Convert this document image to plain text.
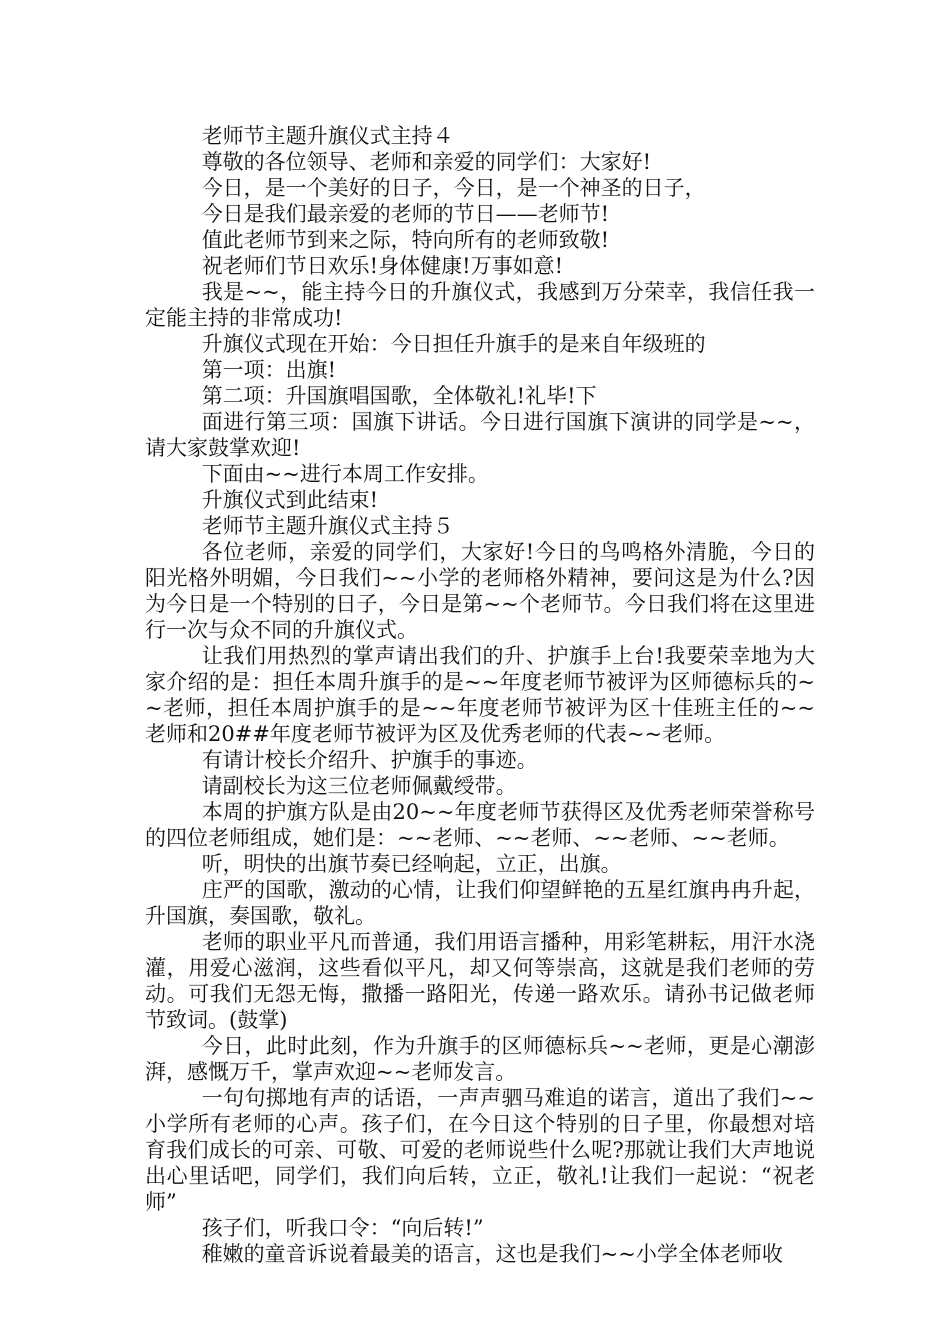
老师节主题升旗仪式主持４

尊敬的各位领导、老师和亲爱的同学们：大家好!

今日，是一个美好的日子，今日，是一个神圣的日子，

今日是我们最亲爱的老师的节日——老师节!

值此老师节到来之际，特向所有的老师致敬!

祝老师们节日欢乐!身体健康!万事如意!

我是~~，能主持今日的升旗仪式，我感到万分荣幸，我信任我一定能主持的非常成功!

升旗仪式现在开始：今日担任升旗手的是来自年级班的

第一项：出旗!

第二项：升国旗唱国歌，全体敬礼!礼毕!下

面进行第三项：国旗下讲话。今日进行国旗下演讲的同学是~~，请大家鼓掌欢迎!

下面由~~进行本周工作安排。

升旗仪式到此结束!

老师节主题升旗仪式主持５

各位老师，亲爱的同学们，大家好!今日的鸟鸣格外清脆，今日的阳光格外明媚，今日我们~~小学的老师格外精神，要问这是为什么?因为今日是一个特别的日子，今日是第~~个老师节。今日我们将在这里进行一次与众不同的升旗仪式。

让我们用热烈的掌声请出我们的升、护旗手上台!我要荣幸地为大家介绍的是：担任本周升旗手的是~~年度老师节被评为区师德标兵的~~老师，担任本周护旗手的是~~年度老师节被评为区十佳班主任的~~老师和20##年度老师节被评为区及优秀老师的代表~~老师。

有请计校长介绍升、护旗手的事迹。

请副校长为这三位老师佩戴绶带。

本周的护旗方队是由20~~年度老师节获得区及优秀老师荣誉称号的四位老师组成，她们是：~~老师、~~老师、~~老师、~~老师。

听，明快的出旗节奏已经响起，立正，出旗。

庄严的国歌，激动的心情，让我们仰望鲜艳的五星红旗冉冉升起，升国旗，奏国歌，敬礼。

老师的职业平凡而普通，我们用语言播种，用彩笔耕耘，用汗水浇灌，用爱心滋润，这些看似平凡，却又何等崇高，这就是我们老师的劳动。可我们无怨无悔，撒播一路阳光，传递一路欢乐。请孙书记做老师节致词。(鼓掌)

今日，此时此刻，作为升旗手的区师德标兵~~老师，更是心潮澎湃，感慨万千，掌声欢迎~~老师发言。

一句句掷地有声的话语，一声声驷马难追的诺言，道出了我们~~小学所有老师的心声。孩子们，在今日这个特别的日子里，你最想对培育我们成长的可亲、可敬、可爱的老师说些什么呢?那就让我们大声地说出心里话吧，同学们，我们向后转，立正，敬礼!让我们一起说：“祝老师”

孩子们，听我口令：“向后转!”

稚嫩的童音诉说着最美的语言，这也是我们~~小学全体老师收
